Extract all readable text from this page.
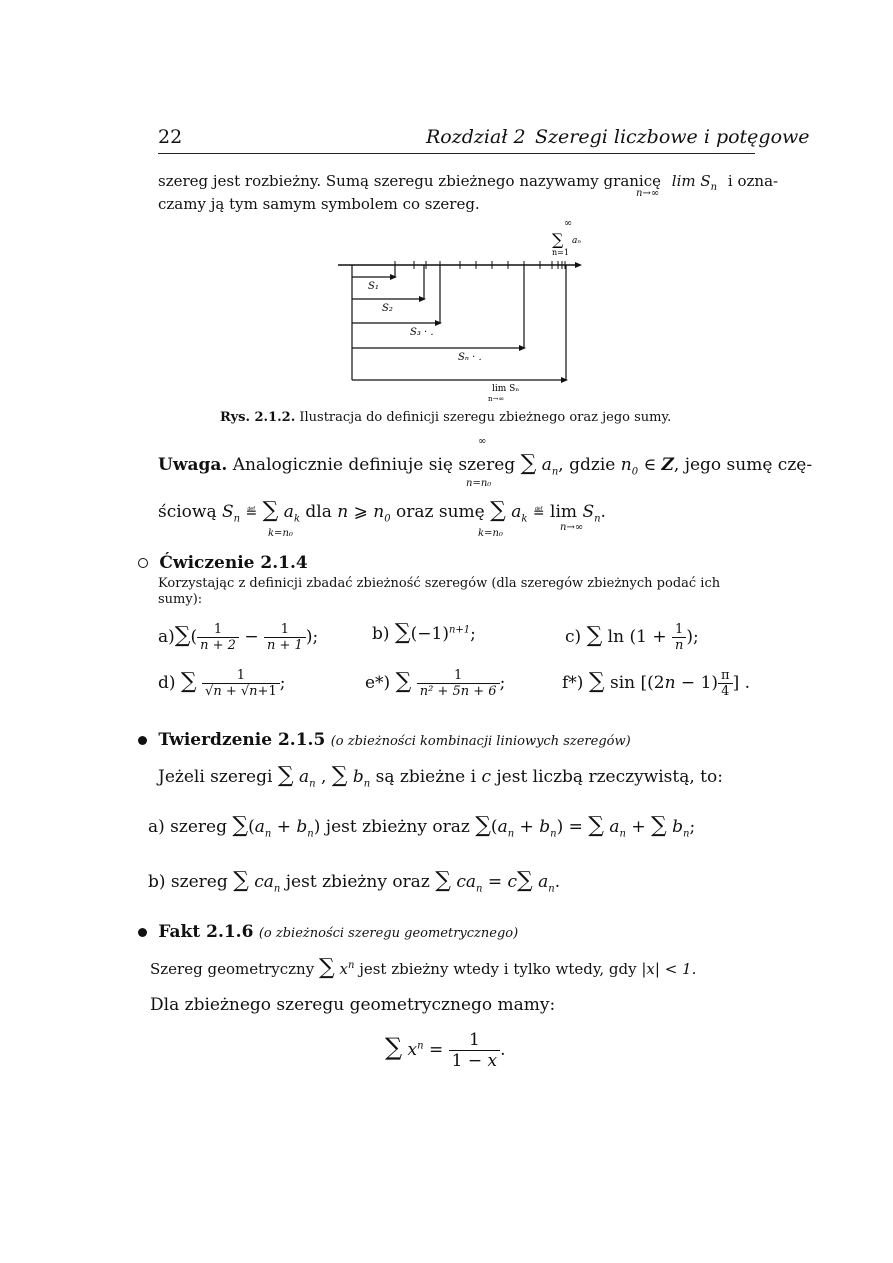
22	Rozdział 2 Szeregi liczbowe i potęgowe
szereg jest rozbieżny. Sumą szeregu zbieżnego nazywamy granicę $\lim S_n$ i ozna-
n→∞
czamy ją tym samym symbolem co szereg.
∞
∑ aₙ
n=1
S₁
S₂
S₃ · .
Sₙ · .
lim Sₙ
n→∞
Rys. 2.1.2. Ilustracja do definicji szeregu zbieżnego oraz jego sumy.
Uwaga. Analogicznie definiuje się szereg ∑ $a_n$, gdzie $n_0$ ∈ Z, jego sumę czę-
∞
n=n₀
ściową $S_n$ ≝ ∑ $a_k$ dla n ⩾ $n_0$ oraz sumę ∑ $a_k$ ≝ $\lim S_n$.
k=n₀	k=n₀
n→∞
Ćwiczenie 2.1.4
Korzystając z definicji zbadać zbieżność szeregów (dla szeregów zbieżnych podać ich
sumy):
$a)\sum( \frac{1}{n + 2} - \frac{1}{n + 1}$ );	b) $\sum(-1)^{n+1}$;	c) ∑ $\ln (1 + \frac{1}{n}$ );
d) ∑ $\frac{1}{√n + √n+1}$ ;	e*) ∑ $\frac{1}{\text{n² + 5n + 6}}$ ;	f*) ∑ $\sin [(2n - 1) \frac{\pi}{4}$ ] .
Twierdzenie 2.1.5 (o zbieżności kombinacji liniowych szeregów)
Jeżeli szeregi ∑ $a_n$ , ∑ $b_n$ są zbieżne i c jest liczbą rzeczywistą, to:
a) szereg $\sum(a_n + b_n)$ jest zbieżny oraz $\sum(a_n + b_n)$ = ∑ $a_n$ + ∑ $b_n$;
b) szereg ∑ $ca_n$ jest zbieżny oraz ∑ $ca_n = c\sum$ $a_n$.
Fakt 2.1.6 (o zbieżności szeregu geometrycznego)
Szereg geometryczny ∑ $x^n$ jest zbieżny wtedy i tylko wtedy, gdy |x| < 1.
Dla zbieżnego szeregu geometrycznego mamy:
∑ $x^n = \frac{1}{1 - x}$ .
